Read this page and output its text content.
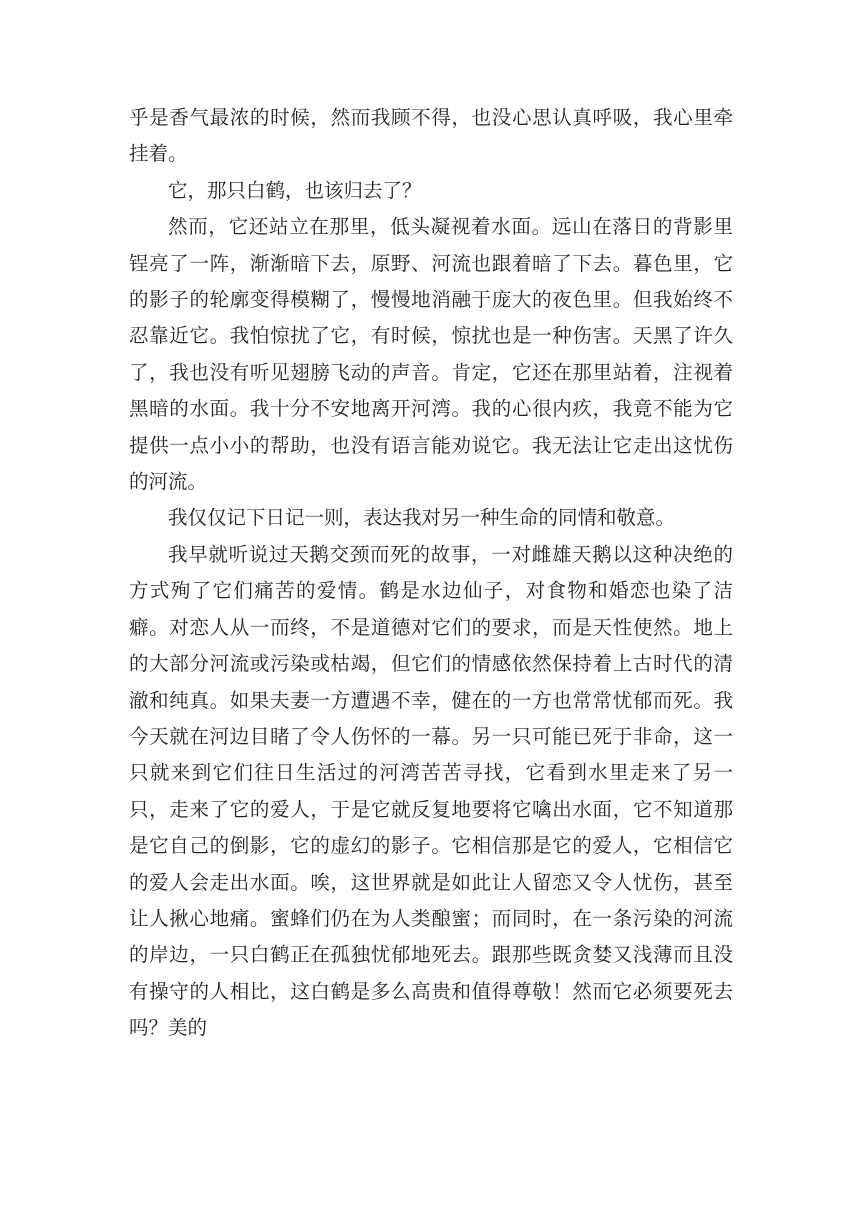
乎是香气最浓的时候，然而我顾不得，也没心思认真呼吸，我心里牵挂着。

它，那只白鹤，也该归去了？

然而，它还站立在那里，低头凝视着水面。远山在落日的背影里锃亮了一阵，渐渐暗下去，原野、河流也跟着暗了下去。暮色里，它的影子的轮廓变得模糊了，慢慢地消融于庞大的夜色里。但我始终不忍靠近它。我怕惊扰了它，有时候，惊扰也是一种伤害。天黑了许久了，我也没有听见翅膀飞动的声音。肯定，它还在那里站着，注视着黑暗的水面。我十分不安地离开河湾。我的心很内疚，我竟不能为它提供一点小小的帮助，也没有语言能劝说它。我无法让它走出这忧伤的河流。

我仅仅记下日记一则，表达我对另一种生命的同情和敬意。

我早就听说过天鹅交颈而死的故事，一对雌雄天鹅以这种决绝的方式殉了它们痛苦的爱情。鹤是水边仙子，对食物和婚恋也染了洁癖。对恋人从一而终，不是道德对它们的要求，而是天性使然。地上的大部分河流或污染或枯竭，但它们的情感依然保持着上古时代的清澈和纯真。如果夫妻一方遭遇不幸，健在的一方也常常忧郁而死。我今天就在河边目睹了令人伤怀的一幕。另一只可能已死于非命，这一只就来到它们往日生活过的河湾苦苦寻找，它看到水里走来了另一只，走来了它的爱人，于是它就反复地要将它噙出水面，它不知道那是它自己的倒影，它的虚幻的影子。它相信那是它的爱人，它相信它的爱人会走出水面。唉，这世界就是如此让人留恋又令人忧伤，甚至让人揪心地痛。蜜蜂们仍在为人类酿蜜；而同时，在一条污染的河流的岸边，一只白鹤正在孤独忧郁地死去。跟那些既贪婪又浅薄而且没有操守的人相比，这白鹤是多么高贵和值得尊敬！然而它必须要死去吗？美的
